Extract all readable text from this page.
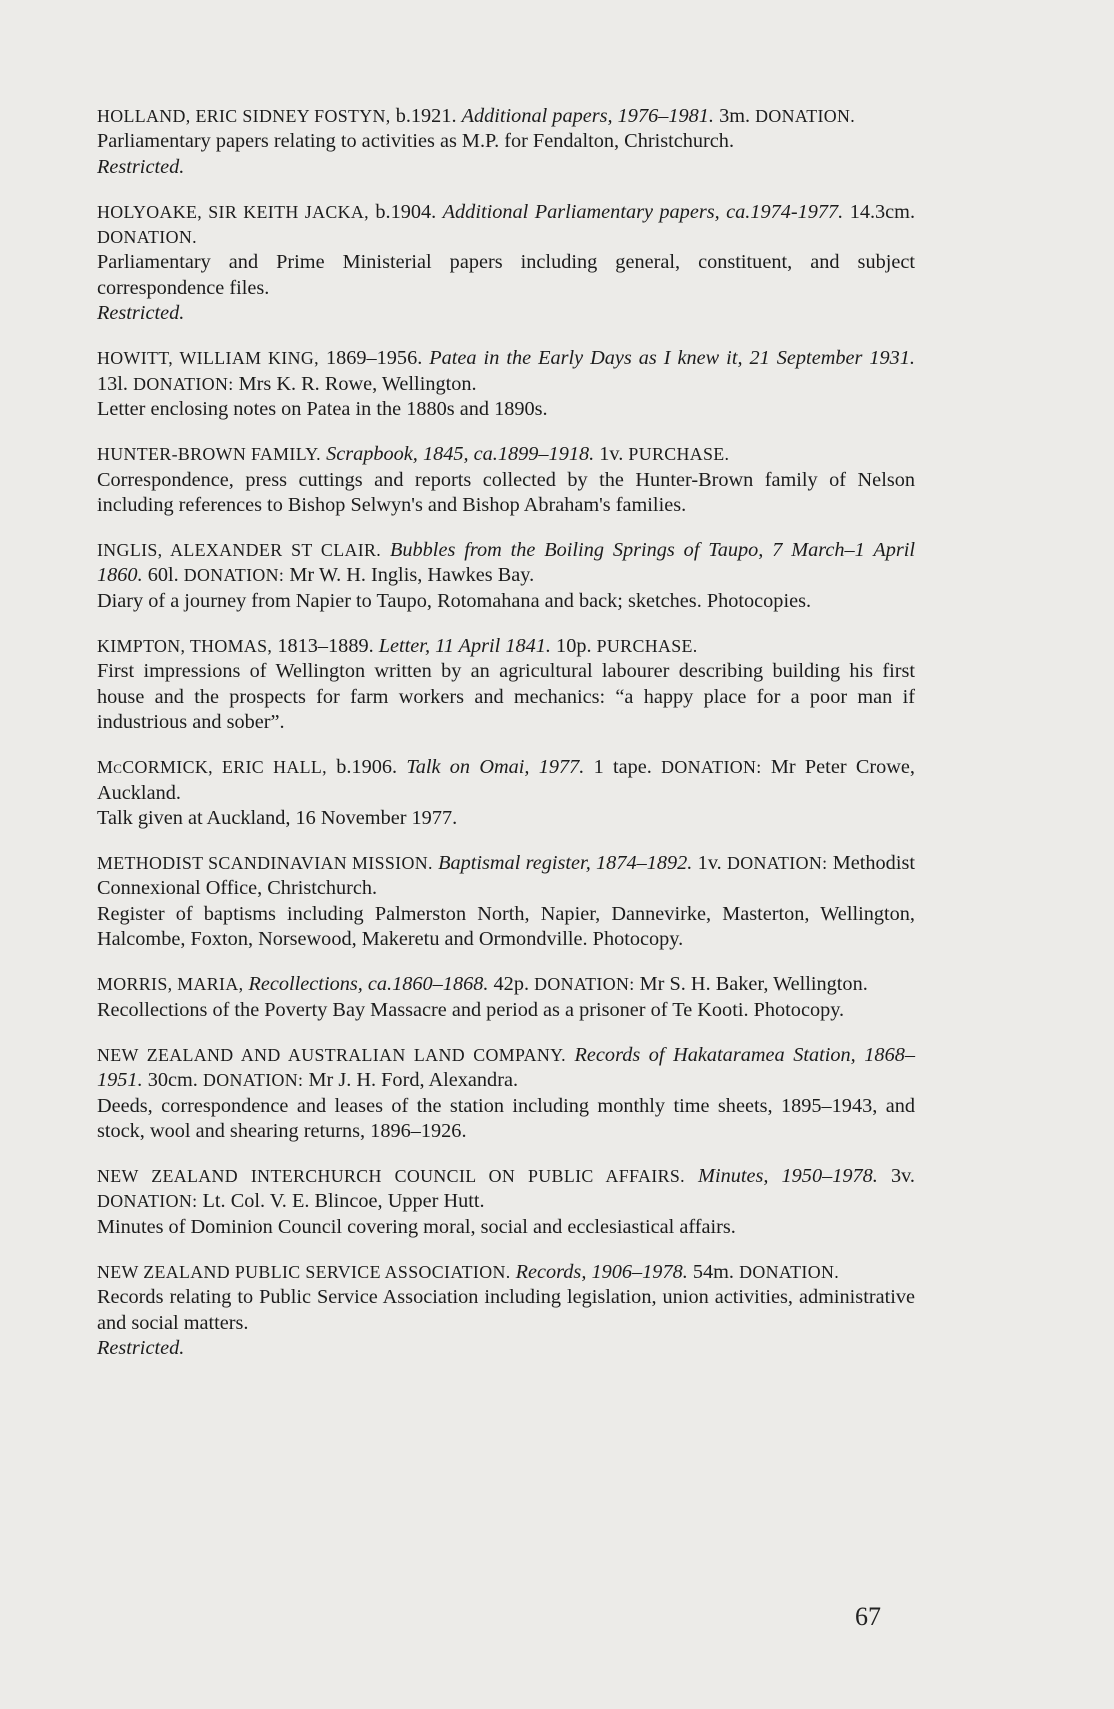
HOLLAND, ERIC SIDNEY FOSTYN, b.1921. Additional papers, 1976–1981. 3m. DONATION.
Parliamentary papers relating to activities as M.P. for Fendalton, Christchurch.
Restricted.
HOLYOAKE, SIR KEITH JACKA, b.1904. Additional Parliamentary papers, ca.1974-1977. 14.3cm. DONATION.
Parliamentary and Prime Ministerial papers including general, constituent, and subject correspondence files.
Restricted.
HOWITT, WILLIAM KING, 1869–1956. Patea in the Early Days as I knew it, 21 September 1931. 13l. DONATION: Mrs K. R. Rowe, Wellington.
Letter enclosing notes on Patea in the 1880s and 1890s.
HUNTER-BROWN FAMILY. Scrapbook, 1845, ca.1899–1918. 1v. PURCHASE.
Correspondence, press cuttings and reports collected by the Hunter-Brown family of Nelson including references to Bishop Selwyn's and Bishop Abraham's families.
INGLIS, ALEXANDER ST CLAIR. Bubbles from the Boiling Springs of Taupo, 7 March–1 April 1860. 60l. DONATION: Mr W. H. Inglis, Hawkes Bay.
Diary of a journey from Napier to Taupo, Rotomahana and back; sketches. Photocopies.
KIMPTON, THOMAS, 1813–1889. Letter, 11 April 1841. 10p. PURCHASE.
First impressions of Wellington written by an agricultural labourer describing building his first house and the prospects for farm workers and mechanics: “a happy place for a poor man if industrious and sober”.
McCORMICK, ERIC HALL, b.1906. Talk on Omai, 1977. 1 tape. DONATION: Mr Peter Crowe, Auckland.
Talk given at Auckland, 16 November 1977.
METHODIST SCANDINAVIAN MISSION. Baptismal register, 1874–1892. 1v. DONATION: Methodist Connexional Office, Christchurch.
Register of baptisms including Palmerston North, Napier, Dannevirke, Masterton, Wellington, Halcombe, Foxton, Norsewood, Makeretu and Ormondville. Photocopy.
MORRIS, MARIA, Recollections, ca.1860–1868. 42p. DONATION: Mr S. H. Baker, Wellington.
Recollections of the Poverty Bay Massacre and period as a prisoner of Te Kooti. Photocopy.
NEW ZEALAND AND AUSTRALIAN LAND COMPANY. Records of Hakataramea Station, 1868–1951. 30cm. DONATION: Mr J. H. Ford, Alexandra.
Deeds, correspondence and leases of the station including monthly time sheets, 1895–1943, and stock, wool and shearing returns, 1896–1926.
NEW ZEALAND INTERCHURCH COUNCIL ON PUBLIC AFFAIRS. Minutes, 1950–1978. 3v. DONATION: Lt. Col. V. E. Blincoe, Upper Hutt.
Minutes of Dominion Council covering moral, social and ecclesiastical affairs.
NEW ZEALAND PUBLIC SERVICE ASSOCIATION. Records, 1906–1978. 54m. DONATION.
Records relating to Public Service Association including legislation, union activities, administrative and social matters.
Restricted.
67
